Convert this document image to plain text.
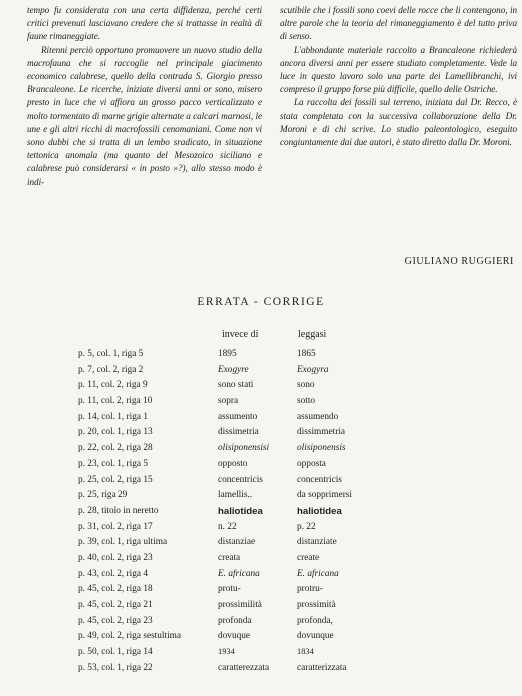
tempo fu considerata con una certa diffidenza, perché certi critici prevenuti lasciavano credere che si trattasse in realtà di faune rimaneggiate.

Ritenni perciò opportuno promuovere un nuovo studio della macrofauna che si raccoglie nel principale giacimento economico calabrese, quello della contrada S. Giorgio presso Brancaleone. Le ricerche, iniziate diversi anni or sono, misero presto in luce che vi affiora un grosso pacco verticalizzato e molto tormentato di marne grigie alternate a calcari marnosi, le une e gli altri ricchi di macrofossili cenomaniani. Come non vi sono dubbi che si tratta di un lembo sradicato, in situazione tettonica anomala (ma quanto del Mesozoico siciliano e calabrese può considerarsi « in posto »?), allo stesso modo è indi-

scutibile che i fossili sono coevi delle rocce che li contengono, in altre parole che la teoria del rimaneggiamento è del tutto priva di senso.

L'abbondante materiale raccolto a Brancaleone richiederà ancora diversi anni per essere studiato completamente. Vede la luce in questo lavoro solo una parte dei Lamellibranchi, ivi compreso il gruppo forse più difficile, quello delle Ostriche.

La raccolta dei fossili sul terreno, iniziata dal Dr. Recco, è stata completata con la successiva collaborazione della Dr. Moroni e di chi scrive. Lo studio paleontologico, eseguito congiuntamente dai due autori, è stato diretto dalla Dr. Moroni.

GIULIANO RUGGIERI
ERRATA - CORRIGE
invece di	leggasi
p. 5, col. 1, riga 5	1895	1865
p. 7, col. 2, riga 2	Exogyre	Exogyra
p. 11, col. 2, riga 9	sono stati	sono
p. 11, col. 2, riga 10	sopra	sotto
p. 14, col. 1, riga 1	assumento	assumendo
p. 20, col. 1, riga 13	dissimetria	dissimmetria
p. 22, col. 2, riga 28	olisiponensisi	olisiponensis
p. 23, col. 1, riga 5	opposto	opposta
p. 25, col. 2, riga 15	concentricis	concentricis
p. 25, riga 29	lamellis..	da sopprimersi
p. 28, titolo in neretto	haliotidea	haliotidea
p. 31, col. 2, riga 17	n. 22	p. 22
p. 39, col. 1, riga ultima	distanziae	distanziate
p. 40, col. 2, riga 23	creata	create
p. 43, col. 2, riga 4	E. africana	E. africana
p. 45, col. 2, riga 18	protu-	protru-
p. 45, col. 2, riga 21	prossimilità	prossimità
p. 45, col. 2, riga 23	profonda	profonda,
p. 49, col. 2, riga sestultima	dovuque	dovunque
p. 50, col. 1, riga 14	1934	1834
p. 53, col. 1, riga 22	caratterezzata	caratterizzata
